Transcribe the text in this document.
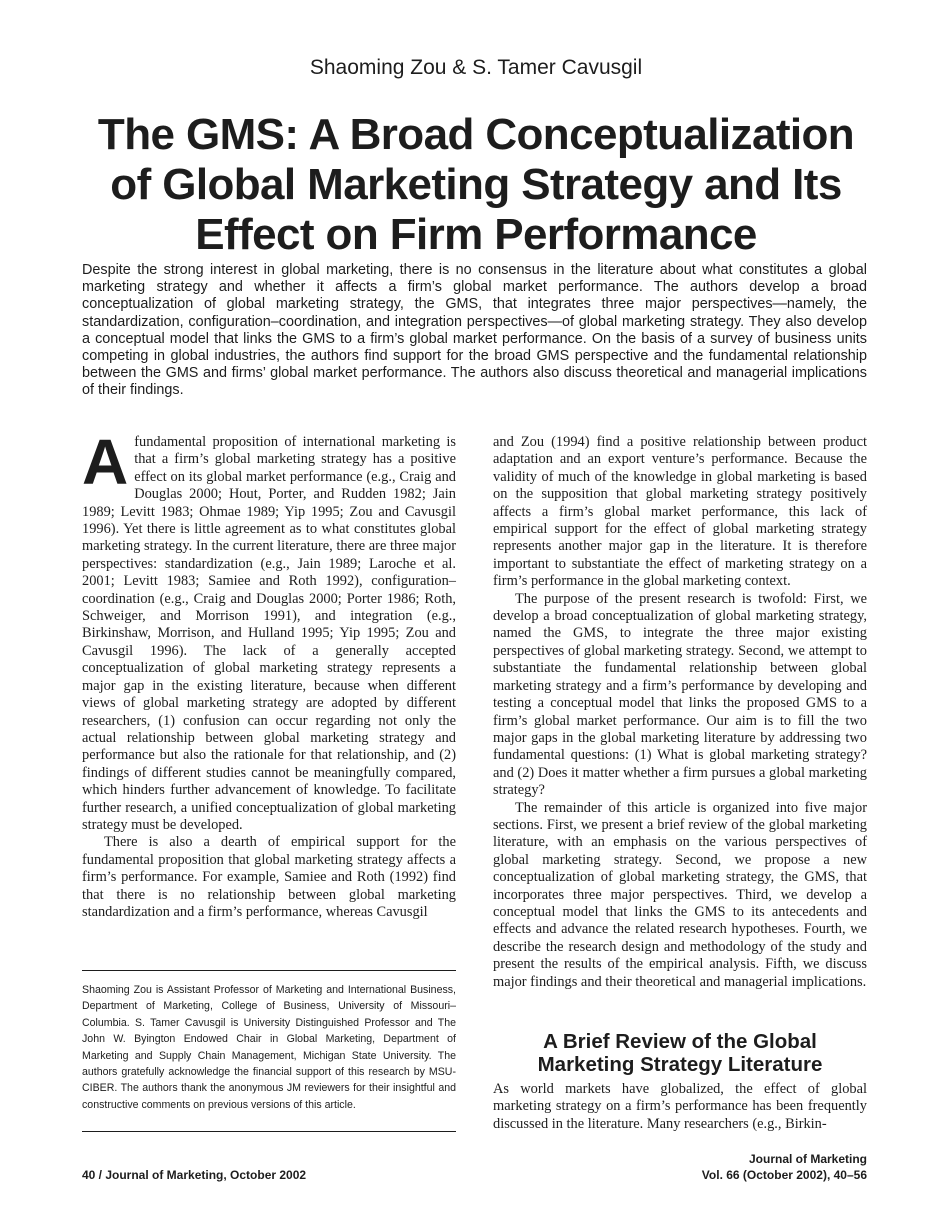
Shaoming Zou & S. Tamer Cavusgil
The GMS: A Broad Conceptualization
of Global Marketing Strategy and Its
Effect on Firm Performance
Despite the strong interest in global marketing, there is no consensus in the literature about what constitutes a global marketing strategy and whether it affects a firm’s global market performance. The authors develop a broad conceptualization of global marketing strategy, the GMS, that integrates three major perspectives—namely, the standardization, configuration–coordination, and integration perspectives—of global marketing strategy. They also develop a conceptual model that links the GMS to a firm’s global market performance. On the basis of a survey of business units competing in global industries, the authors find support for the broad GMS perspective and the fundamental relationship between the GMS and firms’ global market performance. The authors also discuss theoretical and managerial implications of their findings.

Afundamental proposition of international marketing is that a firm’s global marketing strategy has a positive effect on its global market performance (e.g., Craig and Douglas 2000; Hout, Porter, and Rudden 1982; Jain 1989; Levitt 1983; Ohmae 1989; Yip 1995; Zou and Cavusgil 1996). Yet there is little agreement as to what constitutes global marketing strategy. In the current literature, there are three major perspectives: standardization (e.g., Jain 1989; Laroche et al. 2001; Levitt 1983; Samiee and Roth 1992), configuration–coordination (e.g., Craig and Douglas 2000; Porter 1986; Roth, Schweiger, and Morrison 1991), and integration (e.g., Birkinshaw, Morrison, and Hulland 1995; Yip 1995; Zou and Cavusgil 1996). The lack of a generally accepted conceptualization of global marketing strategy represents a major gap in the existing literature, because when different views of global marketing strategy are adopted by different researchers, (1) confusion can occur regarding not only the actual relationship between global marketing strategy and performance but also the rationale for that relationship, and (2) findings of different studies cannot be meaningfully compared, which hinders further advancement of knowledge. To facilitate further research, a unified conceptualization of global marketing strategy must be developed.

There is also a dearth of empirical support for the fundamental proposition that global marketing strategy affects a firm’s performance. For example, Samiee and Roth (1992) find that there is no relationship between global marketing standardization and a firm’s performance, whereas Cavusgil

Shaoming Zou is Assistant Professor of Marketing and International Business, Department of Marketing, College of Business, University of Missouri–Columbia. S. Tamer Cavusgil is University Distinguished Professor and The John W. Byington Endowed Chair in Global Marketing, Department of Marketing and Supply Chain Management, Michigan State University. The authors gratefully acknowledge the financial support of this research by MSU-CIBER. The authors thank the anonymous JM reviewers for their insightful and constructive comments on previous versions of this article.

and Zou (1994) find a positive relationship between product adaptation and an export venture’s performance. Because the validity of much of the knowledge in global marketing is based on the supposition that global marketing strategy positively affects a firm’s global market performance, this lack of empirical support for the effect of global marketing strategy represents another major gap in the literature. It is therefore important to substantiate the effect of marketing strategy on a firm’s performance in the global marketing context.

The purpose of the present research is twofold: First, we develop a broad conceptualization of global marketing strategy, named the GMS, to integrate the three major existing perspectives of global marketing strategy. Second, we attempt to substantiate the fundamental relationship between global marketing strategy and a firm’s performance by developing and testing a conceptual model that links the proposed GMS to a firm’s global market performance. Our aim is to fill the two major gaps in the global marketing literature by addressing two fundamental questions: (1) What is global marketing strategy? and (2) Does it matter whether a firm pursues a global marketing strategy?

The remainder of this article is organized into five major sections. First, we present a brief review of the global marketing literature, with an emphasis on the various perspectives of global marketing strategy. Second, we propose a new conceptualization of global marketing strategy, the GMS, that incorporates three major perspectives. Third, we develop a conceptual model that links the GMS to its antecedents and effects and advance the related research hypotheses. Fourth, we describe the research design and methodology of the study and present the results of the empirical analysis. Fifth, we discuss major findings and their theoretical and managerial implications.

A Brief Review of the Global
Marketing Strategy Literature

As world markets have globalized, the effect of global marketing strategy on a firm’s performance has been frequently discussed in the literature. Many researchers (e.g., Birkin-

40 / Journal of Marketing, October 2002
Journal of Marketing
Vol. 66 (October 2002), 40–56
